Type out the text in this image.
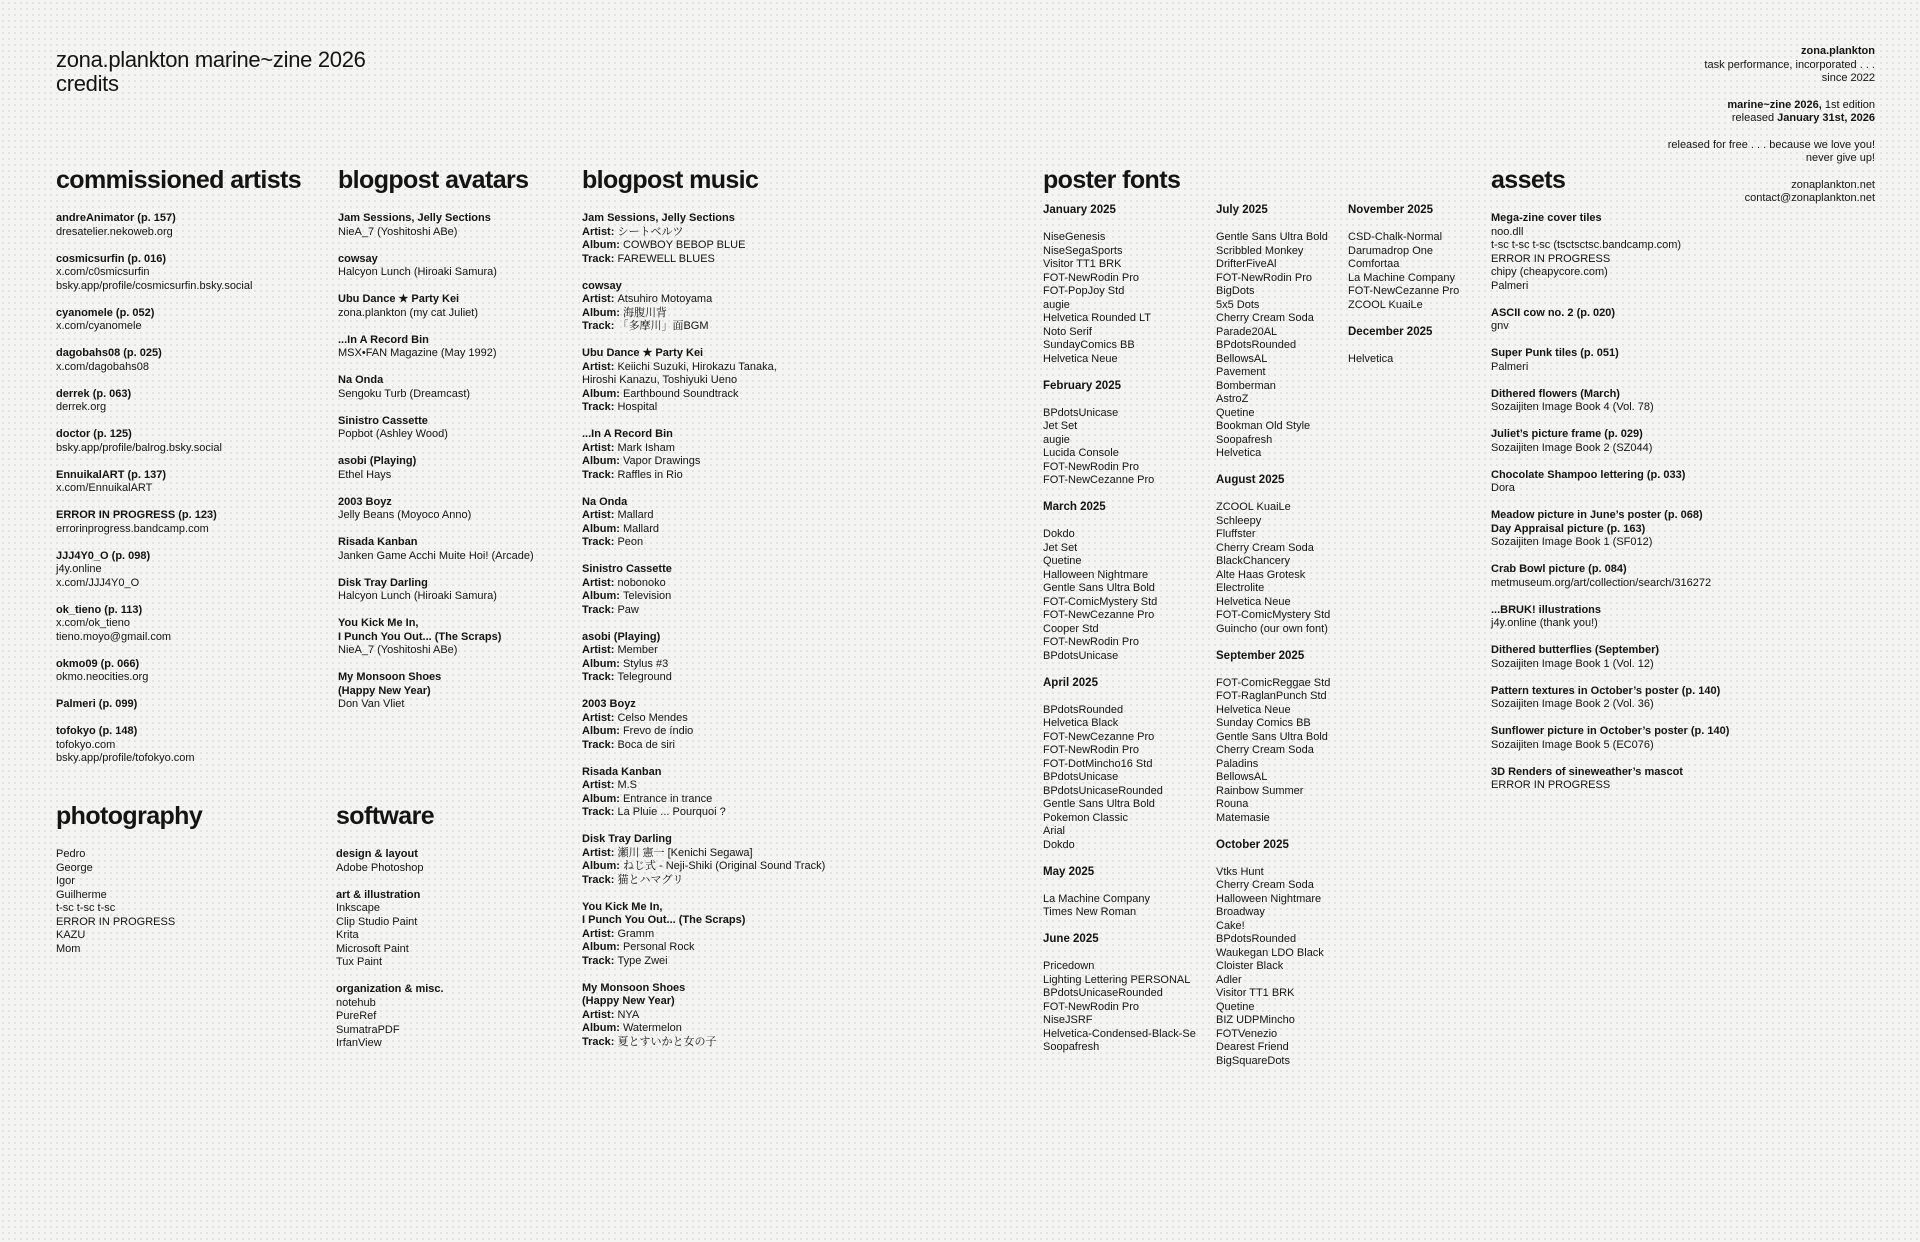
zona.plankton marine~zine 2026
credits
zona.plankton
task performance, incorporated . . .
since 2022
marine~zine 2026, 1st edition
released January 31st, 2026
released for free . . . because we love you!
never give up!
zonaplankton.net
contact@zonaplankton.net
commissioned artists
andreAnimator (p. 157)
dresatelier.nekoweb.org
cosmicsurfin (p. 016)
x.com/c0smicsurfin
bsky.app/profile/cosmicsurfin.bsky.social
cyanomele (p. 052)
x.com/cyanomele
dagobahs08 (p. 025)
x.com/dagobahs08
derrek (p. 063)
derrek.org
doctor (p. 125)
bsky.app/profile/balrog.bsky.social
EnnuikalART (p. 137)
x.com/EnnuikalART
ERROR IN PROGRESS (p. 123)
errorinprogress.bandcamp.com
JJJ4Y0_O (p. 098)
j4y.online
x.com/JJJ4Y0_O
ok_tieno (p. 113)
x.com/ok_tieno
tieno.moyo@gmail.com
okmo09 (p. 066)
okmo.neocities.org
Palmeri (p. 099)
tofokyo (p. 148)
tofokyo.com
bsky.app/profile/tofokyo.com
blogpost avatars
Jam Sessions, Jelly Sections
NieA_7 (Yoshitoshi ABe)
cowsay
Halcyon Lunch (Hiroaki Samura)
Ubu Dance ★ Party Kei
zona.plankton (my cat Juliet)
...In A Record Bin
MSX•FAN Magazine (May 1992)
Na Onda
Sengoku Turb (Dreamcast)
Sinistro Cassette
Popbot (Ashley Wood)
asobi (Playing)
Ethel Hays
2003 Boyz
Jelly Beans (Moyoco Anno)
Risada Kanban
Janken Game Acchi Muite Hoi! (Arcade)
Disk Tray Darling
Halcyon Lunch (Hiroaki Samura)
You Kick Me In,
I Punch You Out... (The Scraps)
NieA_7 (Yoshitoshi ABe)
My Monsoon Shoes
(Happy New Year)
Don Van Vliet
blogpost music
Jam Sessions, Jelly Sections
Artist: シートベルツ
Album: COWBOY BEBOP BLUE
Track: FAREWELL BLUES
cowsay
Artist: Atsuhiro Motoyama
Album: 海腹川背
Track: 「多摩川」面BGM
Ubu Dance ★ Party Kei
Artist: Keiichi Suzuki, Hirokazu Tanaka,
Hiroshi Kanazu, Toshiyuki Ueno
Album: Earthbound Soundtrack
Track: Hospital
...In A Record Bin
Artist: Mark Isham
Album: Vapor Drawings
Track: Raffles in Rio
Na Onda
Artist: Mallard
Album: Mallard
Track: Peon
Sinistro Cassette
Artist: nobonoko
Album: Television
Track: Paw
asobi (Playing)
Artist: Member
Album: Stylus #3
Track: Teleground
2003 Boyz
Artist: Celso Mendes
Album: Frevo de índio
Track: Boca de siri
Risada Kanban
Artist: M.S
Album: Entrance in trance
Track: La Pluie ... Pourquoi ?
Disk Tray Darling
Artist: 瀬川 憲一 [Kenichi Segawa]
Album: ねじ式 - Neji-Shiki (Original Sound Track)
Track: 猫とハマグリ
You Kick Me In,
I Punch You Out... (The Scraps)
Artist: Gramm
Album: Personal Rock
Track: Type Zwei
My Monsoon Shoes
(Happy New Year)
Artist: NYA
Album: Watermelon
Track: 夏とすいかと女の子
poster fonts
January 2025
NiseGenesis
NiseSegaSports
Visitor TT1 BRK
FOT-NewRodin Pro
FOT-PopJoy Std
augie
Helvetica Rounded LT
Noto Serif
SundayComics BB
Helvetica Neue
February 2025
BPdotsUnicase
Jet Set
augie
Lucida Console
FOT-NewRodin Pro
FOT-NewCezanne Pro
March 2025
Dokdo
Jet Set
Quetine
Halloween Nightmare
Gentle Sans Ultra Bold
FOT-ComicMystery Std
FOT-NewCezanne Pro
Cooper Std
FOT-NewRodin Pro
BPdotsUnicase
April 2025
BPdotsRounded
Helvetica Black
FOT-NewCezanne Pro
FOT-NewRodin Pro
FOT-DotMincho16 Std
BPdotsUnicase
BPdotsUnicaseRounded
Gentle Sans Ultra Bold
Pokemon Classic
Arial
Dokdo
May 2025
La Machine Company
Times New Roman
June 2025
Pricedown
Lighting Lettering PERSONAL
BPdotsUnicaseRounded
FOT-NewRodin Pro
NiseJSRF
Helvetica-Condensed-Black-Se
Soopafresh
July 2025
Gentle Sans Ultra Bold
Scribbled Monkey
DrifterFiveAl
FOT-NewRodin Pro
BigDots
5x5 Dots
Cherry Cream Soda
Parade20AL
BPdotsRounded
BellowsAL
Pavement
Bomberman
AstroZ
Quetine
Bookman Old Style
Soopafresh
Helvetica
August 2025
ZCOOL KuaiLe
Schleepy
Fluffster
Cherry Cream Soda
BlackChancery
Alte Haas Grotesk
Electrolite
Helvetica Neue
FOT-ComicMystery Std
Guincho (our own font)
September 2025
FOT-ComicReggae Std
FOT-RaglanPunch Std
Helvetica Neue
Sunday Comics BB
Gentle Sans Ultra Bold
Cherry Cream Soda
Paladins
BellowsAL
Rainbow Summer
Rouna
Matemasie
October 2025
Vtks Hunt
Cherry Cream Soda
Halloween Nightmare
Broadway
Cake!
BPdotsRounded
Waukegan LDO Black
Cloister Black
Adler
Visitor TT1 BRK
Quetine
BIZ UDPMincho
FOTVenezio
Dearest Friend
BigSquareDots
November 2025
CSD-Chalk-Normal
Darumadrop One
Comfortaa
La Machine Company
FOT-NewCezanne Pro
ZCOOL KuaiLe
December 2025
Helvetica
assets
Mega-zine cover tiles
noo.dll
t-sc t-sc t-sc (tsctsctsc.bandcamp.com)
ERROR IN PROGRESS
chipy (cheapycore.com)
Palmeri
ASCII cow no. 2 (p. 020)
gnv
Super Punk tiles (p. 051)
Palmeri
Dithered flowers (March)
Sozaijiten Image Book 4 (Vol. 78)
Juliet’s picture frame (p. 029)
Sozaijiten Image Book 2 (SZ044)
Chocolate Shampoo lettering (p. 033)
Dora
Meadow picture in June’s poster (p. 068)
Day Appraisal picture (p. 163)
Sozaijiten Image Book 1 (SF012)
Crab Bowl picture (p. 084)
metmuseum.org/art/collection/search/316272
...BRUK! illustrations
j4y.online (thank you!)
Dithered butterflies (September)
Sozaijiten Image Book 1 (Vol. 12)
Pattern textures in October’s poster (p. 140)
Sozaijiten Image Book 2 (Vol. 36)
Sunflower picture in October’s poster (p. 140)
Sozaijiten Image Book 5 (EC076)
3D Renders of sineweather’s mascot
ERROR IN PROGRESS
photography
Pedro
George
Igor
Guilherme
t-sc t-sc t-sc
ERROR IN PROGRESS
KAZU
Mom
software
design & layout
Adobe Photoshop
art & illustration
Inkscape
Clip Studio Paint
Krita
Microsoft Paint
Tux Paint
organization & misc.
notehub
PureRef
SumatraPDF
IrfanView
